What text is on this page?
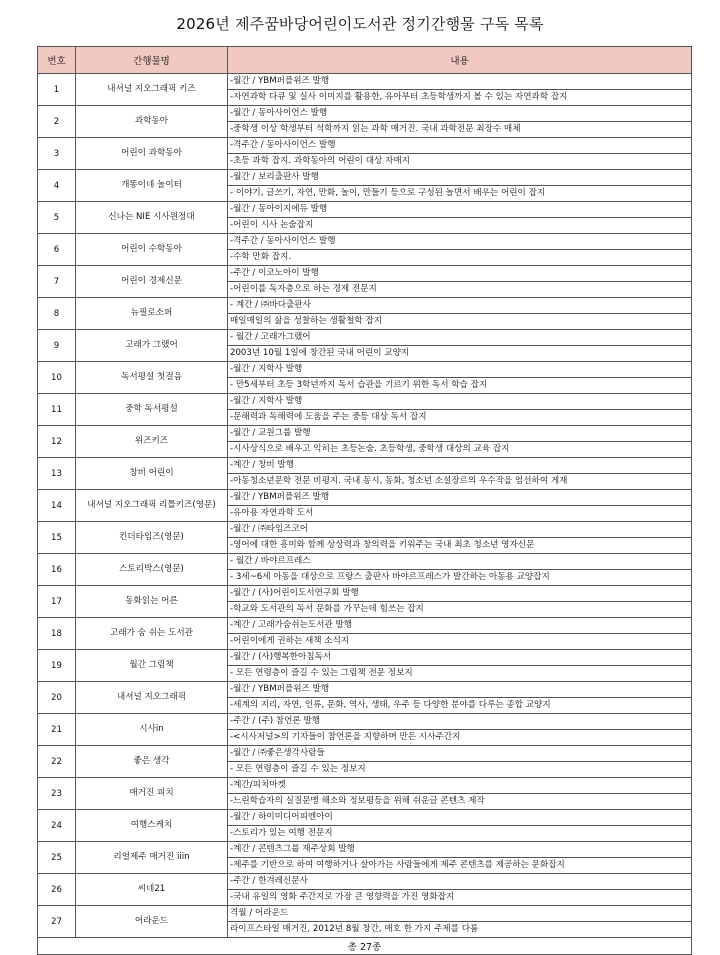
2026년 제주꿈바당어린이도서관 정기간행물 구독 목록
번호	간행물명	내용
1	내셔널 지오그래픽 키즈	-월간 / YBM퍼플위즈 발행
-자연과학 다큐 및 실사 이미지를 활용한, 유아부터 초등학생까지 볼 수 있는 자연과학 잡지

2	과학동아	-월간 / 동아사이언스 발행
-중학생 이상 학생부터 석학까지 읽는 과학 매거진. 국내 과학전문 최장수 매체

3	어린이 과학동아	-격주간 / 동아사이언스 발행
-초등 과학 잡지. 과학동아의 어린이 대상 자매지

4	개똥이네 놀이터	-월간 / 보리출판사 발행
- 이야기, 글쓰기, 자연, 만화, 놀이, 만들기 등으로 구성된 놀면서 배우는 어린이 잡지

5	신나는 NIE 시사원정대	-월간 / 동아이지에듀 발행
-어린이 시사 논술잡지

6	어린이 수학동아	-격주간 / 동아사이언스 발행
-수학 만화 잡지.

7	어린이 경제신문	-주간 / 이코노아이 발행
-어린이를 독자층으로 하는 경제 전문지

8	뉴필로소퍼	- 계간 / ㈜바다출판사
매일매일의 삶을 성찰하는 생활철학 잡지

9	고래가 그랬어	- 월간 / 고래가그랬어
2003년 10월 1일에 창간된 국내 어린이 교양지

10	독서평설 첫걸음	-월간 / 지학사 발행
- 만5세부터 초등 3학년까지 독서 습관을 기르기 위한 독서 학습 잡지

11	중학 독서평설	-월간 / 지학사 발행
-문해력과 독해력에 도움을 주는 중등 대상 독서 잡지

12	위즈키즈	-월간 / 교원그룹 발행
-시사상식으로 배우고 익히는 초등논술. 초등학생, 중학생 대상의 교육 잡지

13	창비 어린이	-계간 / 창비 발행
-아동청소년문학 전문 비평지. 국내 동시, 동화, 청소년 소설장르의 우수작을 엄선하여 게재

14	내셔널 지오그래픽 리틀키즈(영문)	-월간 / YBM퍼플위즈 발행
-유아용 자연과학 도서

15	킨더타임즈(영문)	-월간 / ㈜타임즈코어
-영어에 대한 흥미와 함께 상상력과 창의력을 키워주는 국내 최초 청소년 영자신문

16	스토리박스(영문)	- 월간 / 바야르프레스
- 3세~6세 아동을 대상으로 프랑스 출판사 바야르프레스가 발간하는 아동용 교양잡지

17	동화읽는 어른	-월간 / (사)어린이도서연구회 발행
-학교와 도서관의 독서 문화를 가꾸는데 힘쓰는 잡지

18	고래가 숨 쉬는 도서관	-계간 / 고래가숨쉬는도서관 발행
-어린이에게 권하는 새책 소식지

19	월간 그림책	-월간 / (사)행복한아침독서
- 모든 연령층이 즐길 수 있는 그림책 전문 정보지

20	내셔널 지오그래픽	-월간 / YBM퍼플위즈 발행
-세계의 지리, 자연, 인류, 문화, 역사, 생태, 우주 등 다양한 분야를 다루는 종합 교양지

21	시사in	-주간 / (주) 참언론 발행
-<시사저널>의 기자들이 참언론을 지향하며 만든 시사주간지

22	좋은 생각	-월간 / ㈜좋은생각사람들
- 모든 연령층이 즐길 수 있는 정보지

23	매거진 피치	-계간/피치마켓
-느린학습자의 실질문맹 해소와 정보평등을 위해 쉬운글 콘텐츠 제작

24	여행스케치	-월간 / 하이미디어피엔아이
-스토리가 있는 여행 전문지

25	리얼제주 매거진 iiin	-계간 / 콘텐츠그룹 재주상회 발행
-제주를 기반으로 하여 여행하거나 살아가는 사람들에게 제주 콘텐츠를 제공하는 문화잡지

26	씨네21	-주간 / 한겨레신문사
-국내 유일의 영화 주간지로 가장 큰 영향력을 가진 영화잡지

27	어라운드	격월 / 어라운드
라이프스타일 매거진, 2012년 8월 창간, 매호 한 가지 주제를 다룸

총 27종		
